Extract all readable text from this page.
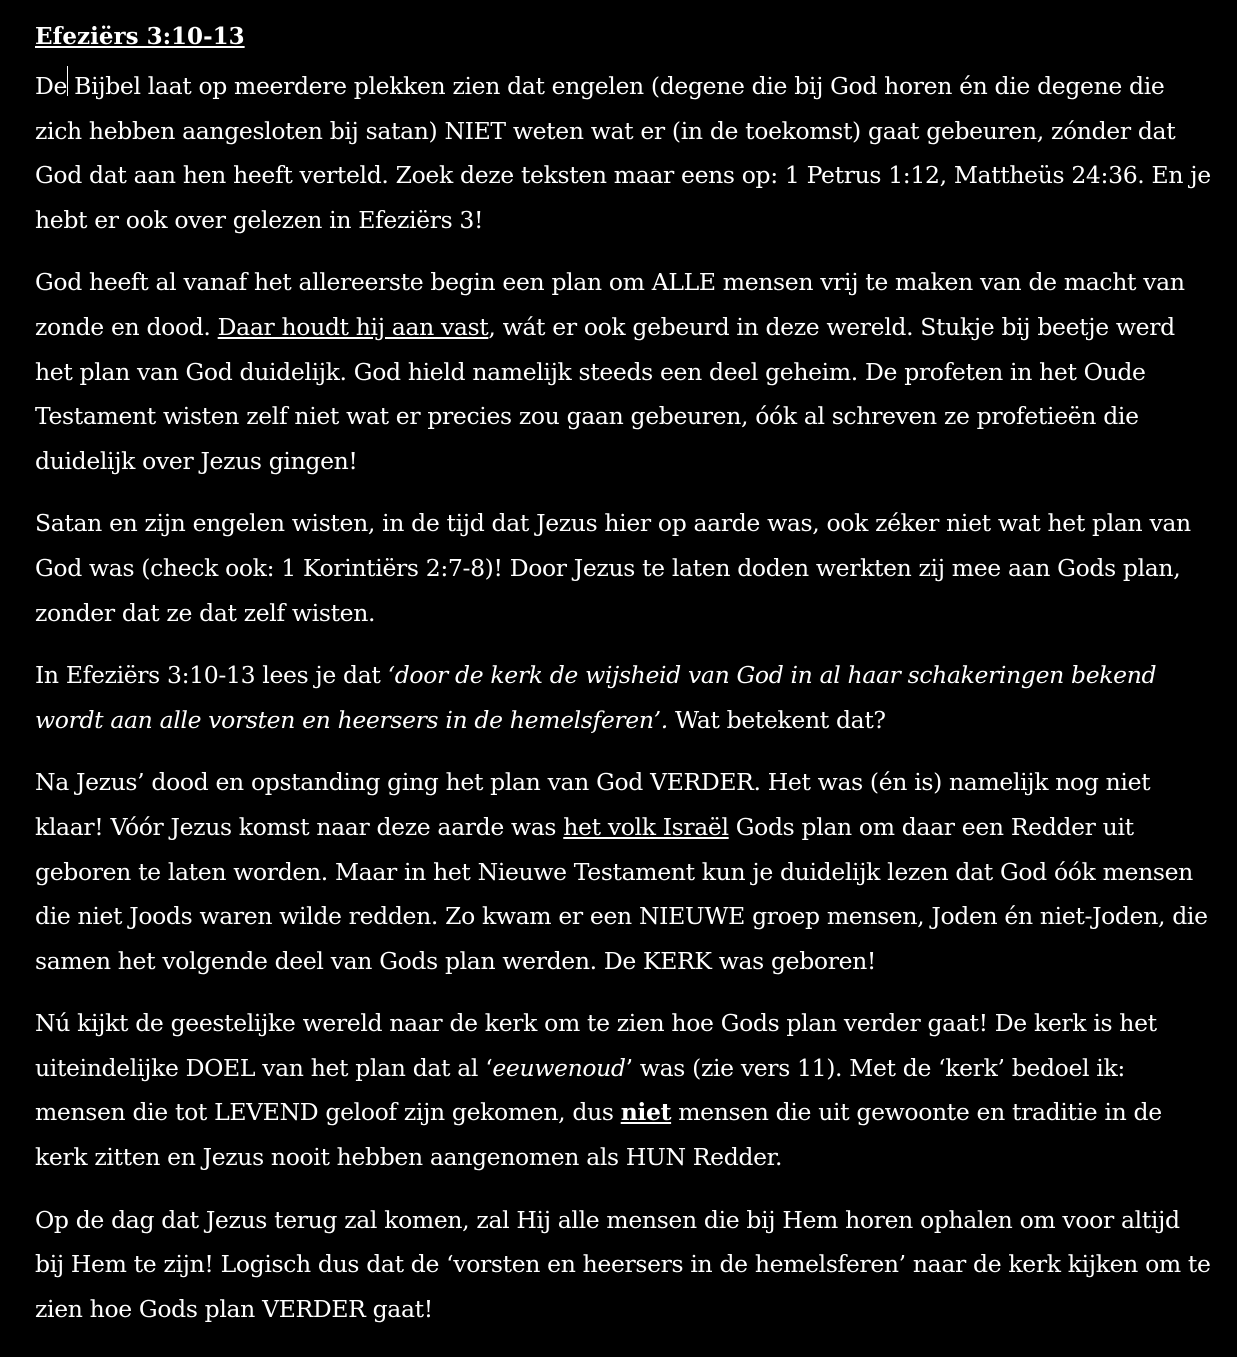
Efeziërs 3:10-13

De Bijbel laat op meerdere plekken zien dat engelen (degene die bij God horen én die degene die zich hebben aangesloten bij satan) NIET weten wat er (in de toekomst) gaat gebeuren, zónder dat God dat aan hen heeft verteld. Zoek deze teksten maar eens op: 1 Petrus 1:12, Mattheüs 24:36. En je hebt er ook over gelezen in Efeziërs 3!

God heeft al vanaf het allereerste begin een plan om ALLE mensen vrij te maken van de macht van zonde en dood. Daar houdt hij aan vast, wát er ook gebeurd in deze wereld. Stukje bij beetje werd het plan van God duidelijk. God hield namelijk steeds een deel geheim. De profeten in het Oude Testament wisten zelf niet wat er precies zou gaan gebeuren, óók al schreven ze profetieën die duidelijk over Jezus gingen!

Satan en zijn engelen wisten, in de tijd dat Jezus hier op aarde was, ook zéker niet wat het plan van God was (check ook: 1 Korintiërs 2:7-8)! Door Jezus te laten doden werkten zij mee aan Gods plan, zonder dat ze dat zelf wisten.

In Efeziërs 3:10-13 lees je dat ‘door de kerk de wijsheid van God in al haar schakeringen bekend wordt aan alle vorsten en heersers in de hemelsferen’. Wat betekent dat?

Na Jezus’ dood en opstanding ging het plan van God VERDER. Het was (én is) namelijk nog niet klaar! Vóór Jezus komst naar deze aarde was het volk Israël Gods plan om daar een Redder uit geboren te laten worden. Maar in het Nieuwe Testament kun je duidelijk lezen dat God óók mensen die niet Joods waren wilde redden. Zo kwam er een NIEUWE groep mensen, Joden én niet-Joden, die samen het volgende deel van Gods plan werden. De KERK was geboren!

Nú kijkt de geestelijke wereld naar de kerk om te zien hoe Gods plan verder gaat! De kerk is het uiteindelijke DOEL van het plan dat al ‘eeuwenoud’ was (zie vers 11). Met de ‘kerk’ bedoel ik: mensen die tot LEVEND geloof zijn gekomen, dus niet mensen die uit gewoonte en traditie in de kerk zitten en Jezus nooit hebben aangenomen als HUN Redder.

Op de dag dat Jezus terug zal komen, zal Hij alle mensen die bij Hem horen ophalen om voor altijd bij Hem te zijn! Logisch dus dat de ‘vorsten en heersers in de hemelsferen’ naar de kerk kijken om te zien hoe Gods plan VERDER gaat!
